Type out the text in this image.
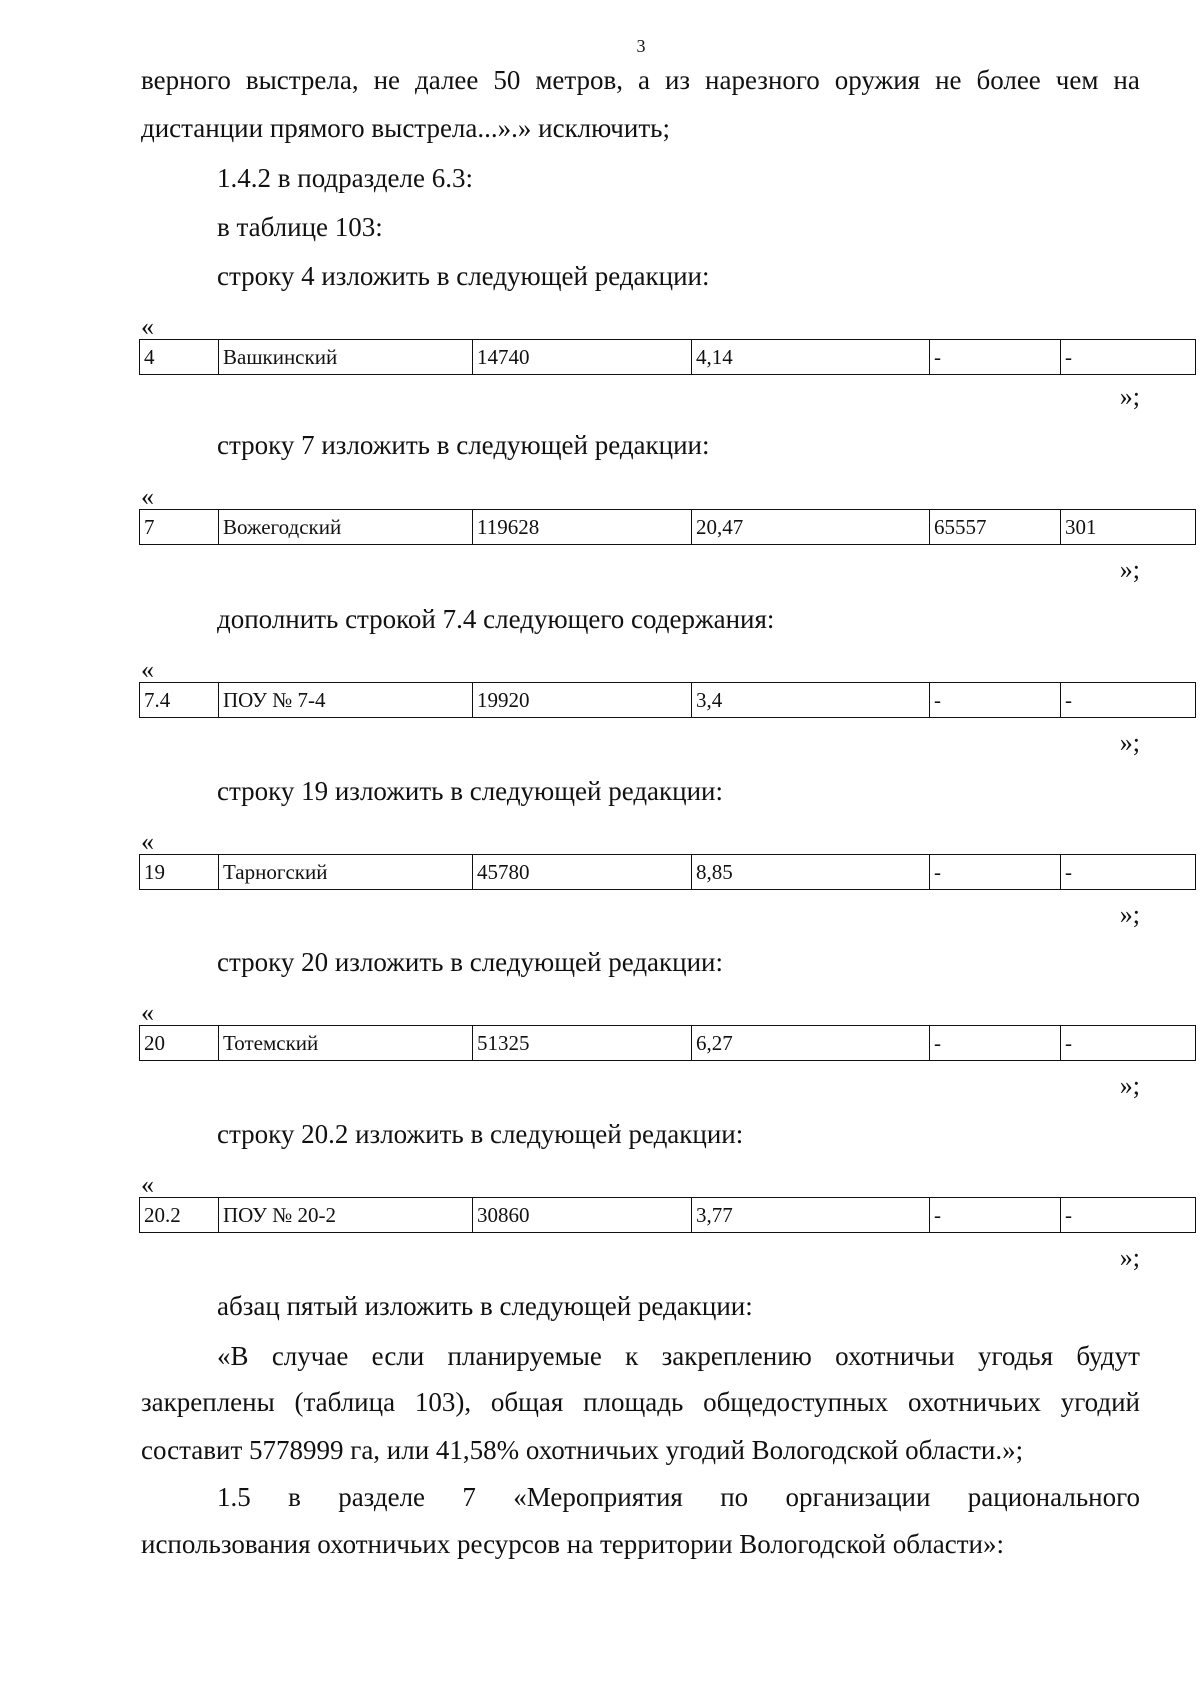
3
верного выстрела, не далее 50 метров, а из нарезного оружия не более чем на
дистанции прямого выстрела...».» исключить;
1.4.2 в подразделе 6.3:
в таблице 103:
строку 4 изложить в следующей редакции:
«
4	Вашкинский	14740	4,14	-	-
»;
строку 7 изложить в следующей редакции:
«
7	Вожегодский	119628	20,47	65557	301
»;
дополнить строкой 7.4 следующего содержания:
«
7.4	ПОУ № 7-4	19920	3,4	-	-
»;
строку 19 изложить в следующей редакции:
«
19	Тарногский	45780	8,85	-	-
»;
строку 20 изложить в следующей редакции:
«
20	Тотемский	51325	6,27	-	-
»;
строку 20.2 изложить в следующей редакции:
«
20.2	ПОУ № 20-2	30860	3,77	-	-
»;
абзац пятый изложить в следующей редакции:
«В случае если планируемые к закреплению охотничьи угодья будут
закреплены (таблица 103), общая площадь общедоступных охотничьих угодий
составит 5778999 га, или 41,58% охотничьих угодий Вологодской области.»;
1.5 в разделе 7 «Мероприятия по организации рационального
использования охотничьих ресурсов на территории Вологодской области»:
